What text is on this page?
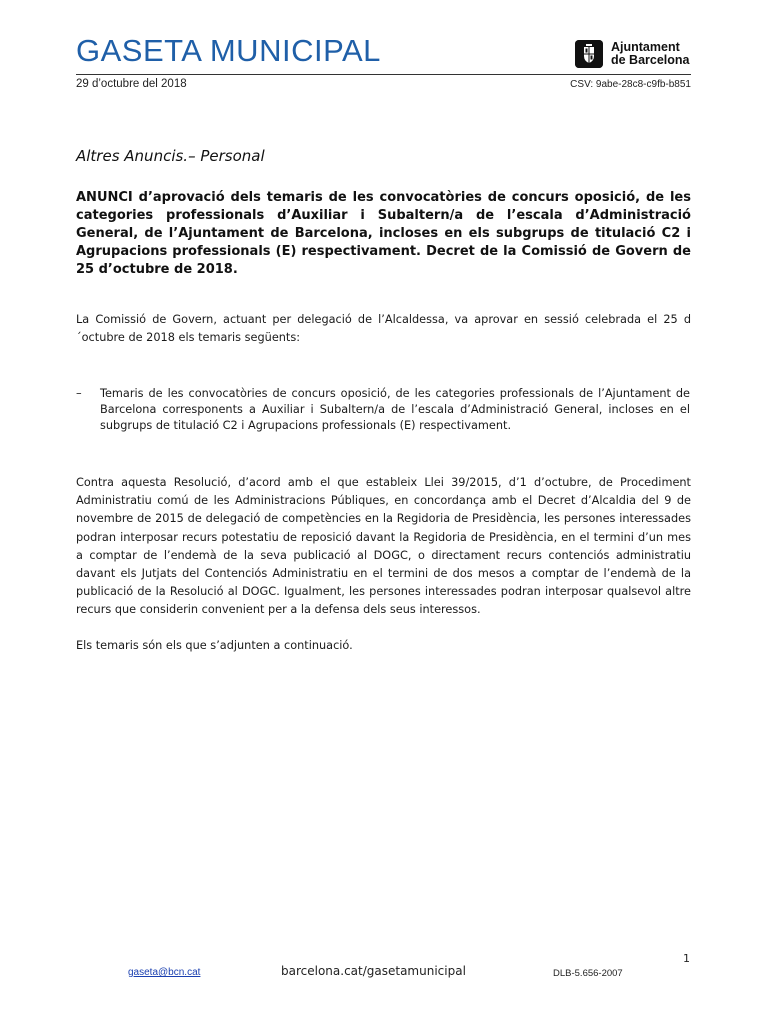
GASETA MUNICIPAL	Ajuntament
de Barcelona
29 d’octubre del 2018	CSV: 9abe-28c8-c9fb-b851
Altres Anuncis.– Personal
ANUNCI d’aprovació dels temaris de les convocatòries de concurs oposició, de les categories professionals d’Auxiliar i Subaltern/a de l’escala d’Administració General, de l’Ajuntament de Barcelona, incloses en els subgrups de titulació C2 i Agrupacions professionals (E) respectivament. Decret de la Comissió de Govern de 25 d’octubre de 2018.
La Comissió de Govern, actuant per delegació de l’Alcaldessa, va aprovar en sessió celebrada el 25 d´octubre de 2018 els temaris següents:
–	Temaris de les convocatòries de concurs oposició, de les categories professionals de l’Ajuntament de Barcelona corresponents a Auxiliar i Subaltern/a de l’escala d’Administració General, incloses en el subgrups de titulació C2 i Agrupacions professionals (E) respectivament.
Contra aquesta Resolució, d’acord amb el que estableix Llei 39/2015, d’1 d’octubre, de Procediment Administratiu comú de les Administracions Públiques, en concordança amb el Decret d’Alcaldia del 9 de novembre de 2015 de delegació de competències en la Regidoria de Presidència, les persones interessades podran interposar recurs potestatiu de reposició davant la Regidoria de Presidència, en el termini d’un mes a comptar de l’endemà de la seva publicació al DOGC, o directament recurs contenciós administratiu davant els Jutjats del Contenciós Administratiu en el termini de dos mesos a comptar de l’endemà de la publicació de la Resolució al DOGC. Igualment, les persones interessades podran interposar qualsevol altre recurs que considerin convenient per a la defensa dels seus interessos.
Els temaris són els que s’adjunten a continuació.
1
gaseta@bcn.cat	barcelona.cat/gasetamunicipal	DLB-5.656-2007
